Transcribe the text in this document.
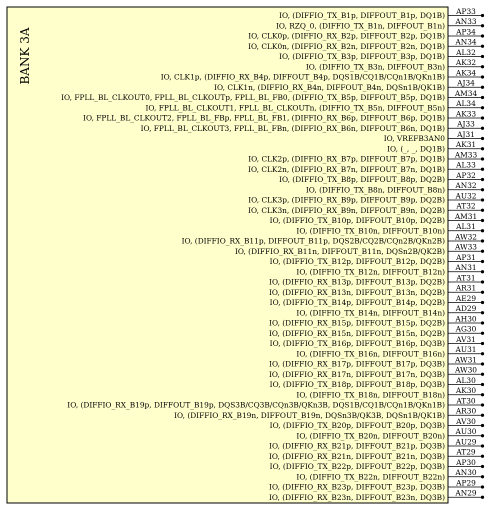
BANK 3A
IO, (DIFFIO_TX_B1p, DIFFOUT_B1p, DQ1B) AP33
IO, RZQ_0, (DIFFIO_TX_B1n, DIFFOUT_B1n) AN33
IO, CLK0p, (DIFFIO_RX_B2p, DIFFOUT_B2p, DQ1B) AP34
IO, CLK0n, (DIFFIO_RX_B2n, DIFFOUT_B2n, DQ1B) AN34
IO, (DIFFIO_TX_B3p, DIFFOUT_B3p, DQ1B) AL32
IO, (DIFFIO_TX_B3n, DIFFOUT_B3n) AK32
IO, CLK1p, (DIFFIO_RX_B4p, DIFFOUT_B4p, DQS1B/CQ1B/CQn1B/QKn1B) AK34
IO, CLK1n, (DIFFIO_RX_B4n, DIFFOUT_B4n, DQSn1B/QK1B) AJ34
IO, FPLL_BL_CLKOUT0, FPLL_BL_CLKOUTp, FPLL_BL_FB0, (DIFFIO_TX_B5p, DIFFOUT_B5p, DQ1B) AM34
IO, FPLL_BL_CLKOUT1, FPLL_BL_CLKOUTn, (DIFFIO_TX_B5n, DIFFOUT_B5n) AL34
IO, FPLL_BL_CLKOUT2, FPLL_BL_FBp, FPLL_BL_FB1, (DIFFIO_RX_B6p, DIFFOUT_B6p, DQ1B) AK33
IO, FPLL_BL_CLKOUT3, FPLL_BL_FBn, (DIFFIO_RX_B6n, DIFFOUT_B6n, DQ1B) AJ33
IO, VREFB3AN0 AJ31
IO, (_, _, DQ1B) AK31
IO, CLK2p, (DIFFIO_RX_B7p, DIFFOUT_B7p, DQ1B) AM33
IO, CLK2n, (DIFFIO_RX_B7n, DIFFOUT_B7n, DQ1B) AL33
IO, (DIFFIO_TX_B8p, DIFFOUT_B8p, DQ2B) AP32
IO, (DIFFIO_TX_B8n, DIFFOUT_B8n) AN32
IO, CLK3p, (DIFFIO_RX_B9p, DIFFOUT_B9p, DQ2B) AU32
IO, CLK3n, (DIFFIO_RX_B9n, DIFFOUT_B9n, DQ2B) AT32
IO, (DIFFIO_TX_B10p, DIFFOUT_B10p, DQ2B) AM31
IO, (DIFFIO_TX_B10n, DIFFOUT_B10n) AL31
IO, (DIFFIO_RX_B11p, DIFFOUT_B11p, DQS2B/CQ2B/CQn2B/QKn2B) AW32
IO, (DIFFIO_RX_B11n, DIFFOUT_B11n, DQSn2B/QK2B) AW33
IO, (DIFFIO_TX_B12p, DIFFOUT_B12p, DQ2B) AP31
IO, (DIFFIO_TX_B12n, DIFFOUT_B12n) AN31
IO, (DIFFIO_RX_B13p, DIFFOUT_B13p, DQ2B) AT31
IO, (DIFFIO_RX_B13n, DIFFOUT_B13n, DQ2B) AR31
IO, (DIFFIO_TX_B14p, DIFFOUT_B14p, DQ2B) AE29
IO, (DIFFIO_TX_B14n, DIFFOUT_B14n) AD29
IO, (DIFFIO_RX_B15p, DIFFOUT_B15p, DQ2B) AH30
IO, (DIFFIO_RX_B15n, DIFFOUT_B15n, DQ2B) AG30
IO, (DIFFIO_TX_B16p, DIFFOUT_B16p, DQ3B) AV31
IO, (DIFFIO_TX_B16n, DIFFOUT_B16n) AU31
IO, (DIFFIO_RX_B17p, DIFFOUT_B17p, DQ3B) AW31
IO, (DIFFIO_RX_B17n, DIFFOUT_B17n, DQ3B) AW30
IO, (DIFFIO_TX_B18p, DIFFOUT_B18p, DQ3B) AL30
IO, (DIFFIO_TX_B18n, DIFFOUT_B18n) AK30
IO, (DIFFIO_RX_B19p, DIFFOUT_B19p, DQS3B/CQ3B/CQn3B/QKn3B, DQS1B/CQ1B/CQn1B/QKn1B) AT30
IO, (DIFFIO_RX_B19n, DIFFOUT_B19n, DQSn3B/QK3B, DQSn1B/QK1B) AR30
IO, (DIFFIO_TX_B20p, DIFFOUT_B20p, DQ3B) AV30
IO, (DIFFIO_TX_B20n, DIFFOUT_B20n) AU30
IO, (DIFFIO_RX_B21p, DIFFOUT_B21p, DQ3B) AU29
IO, (DIFFIO_RX_B21n, DIFFOUT_B21n, DQ3B) AT29
IO, (DIFFIO_TX_B22p, DIFFOUT_B22p, DQ3B) AP30
IO, (DIFFIO_TX_B22n, DIFFOUT_B22n) AN30
IO, (DIFFIO_RX_B23p, DIFFOUT_B23p, DQ3B) AP29
IO, (DIFFIO_RX_B23n, DIFFOUT_B23n, DQ3B) AN29
